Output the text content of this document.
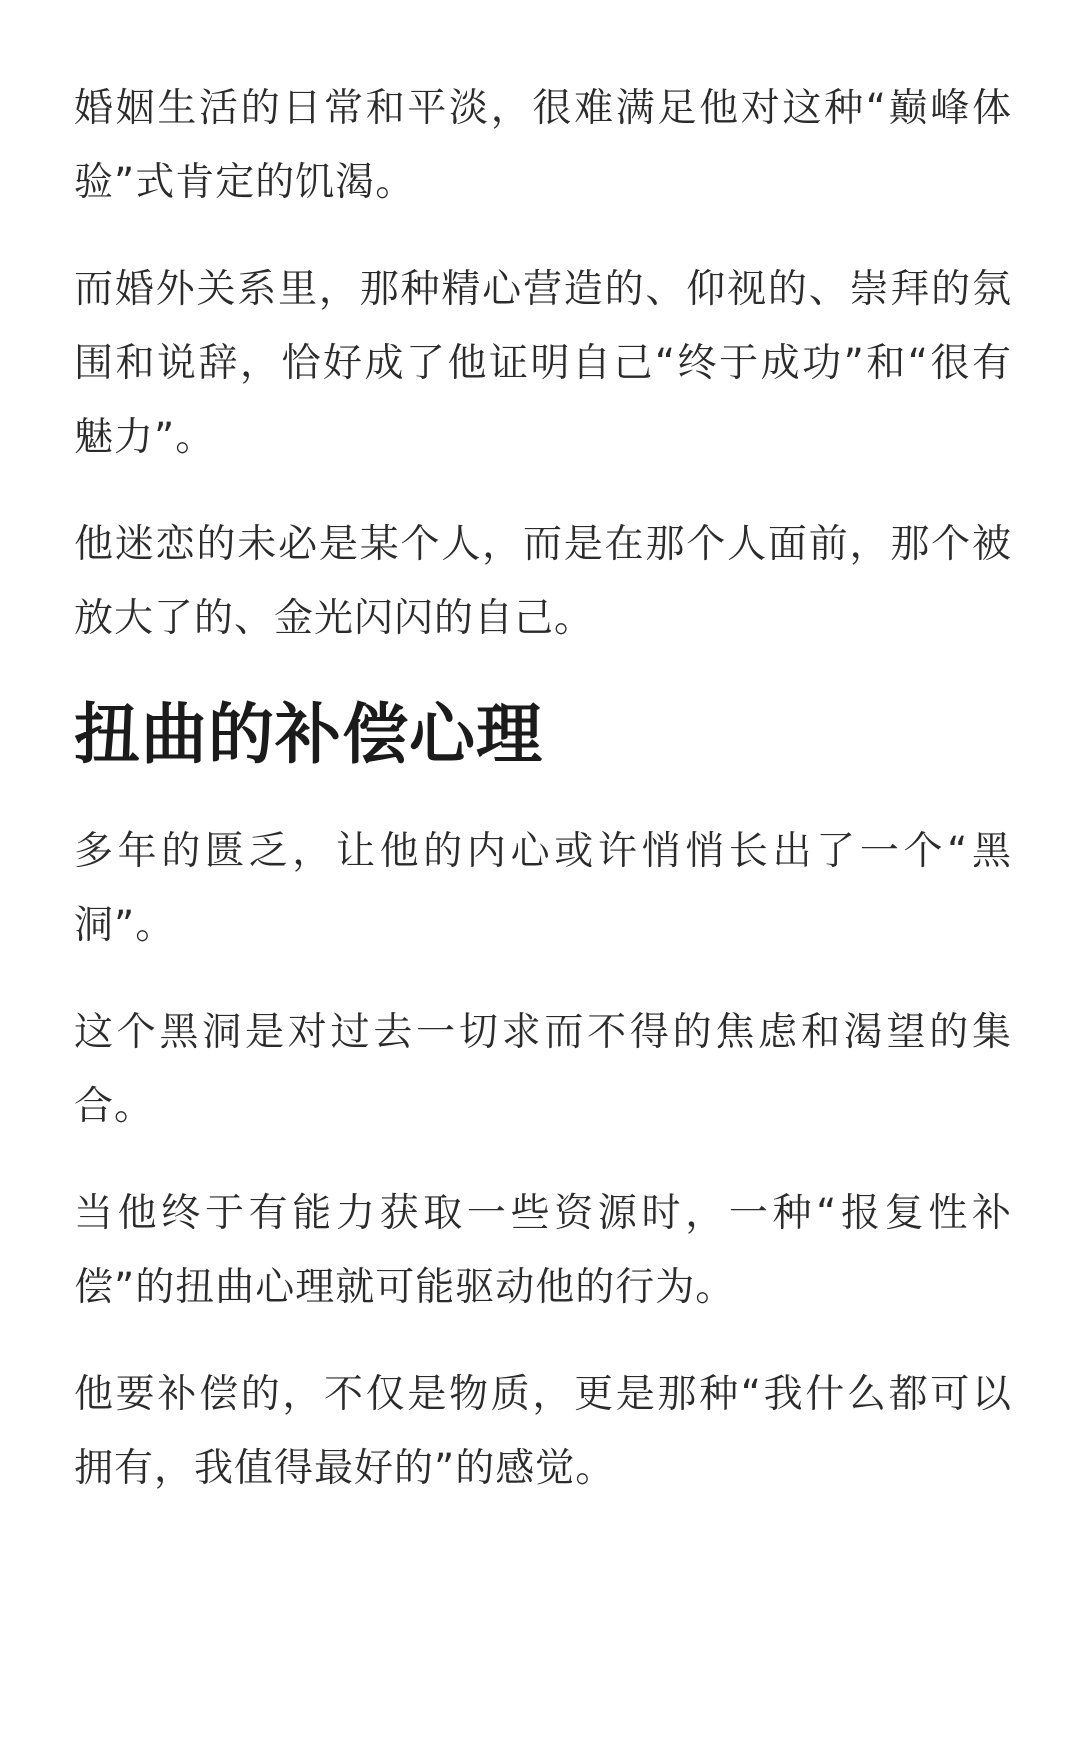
婚姻生活的日常和平淡，很难满足他对这种“巅峰体验”式肯定的饥渴。

而婚外关系里，那种精心营造的、仰视的、崇拜的氛围和说辞，恰好成了他证明自己“终于成功”和“很有魅力”。

他迷恋的未必是某个人，而是在那个人面前，那个被放大了的、金光闪闪的自己。

扭曲的补偿心理

多年的匮乏，让他的内心或许悄悄长出了一个“黑洞”。

这个黑洞是对过去一切求而不得的焦虑和渴望的集合。

当他终于有能力获取一些资源时，一种“报复性补偿”的扭曲心理就可能驱动他的行为。

他要补偿的，不仅是物质，更是那种“我什么都可以拥有，我值得最好的”的感觉。
